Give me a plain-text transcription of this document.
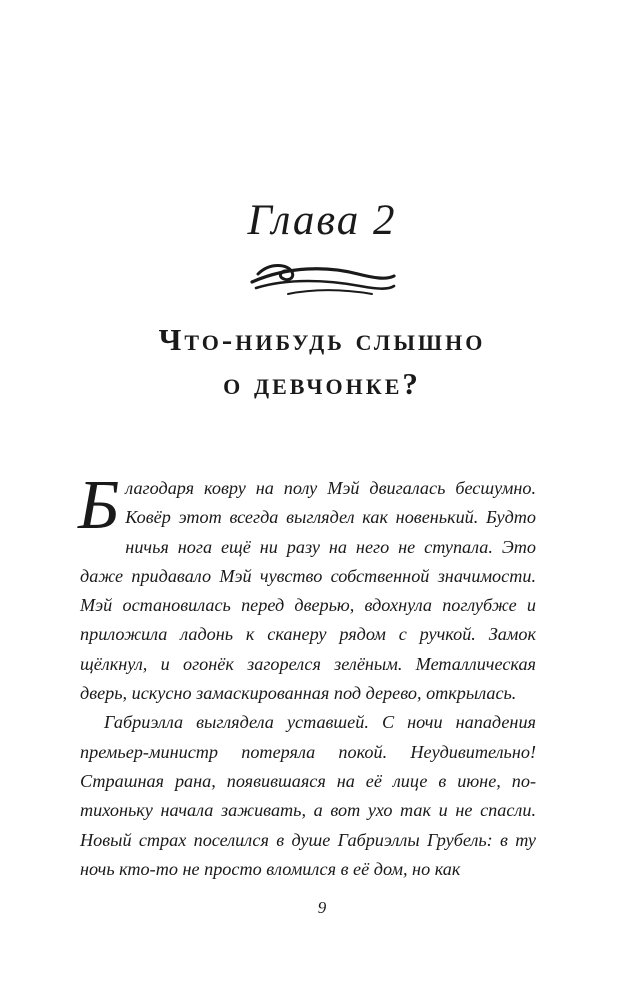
Глава 2
Что-нибудь слышно
о девчонке?

Благодаря ковру на полу Мэй двигалась бесшумно. Ковёр этот всегда выглядел как новенький. Будто ничья нога ещё ни разу на него не ступала. Это даже придавало Мэй чувство собственной значимости. Мэй остановилась перед дверью, вдохнула поглубже и приложила ладонь к сканеру рядом с ручкой. Замок щёлкнул, и огонёк загорелся зелёным. Металлическая дверь, искусно замаскированная под дерево, открылась.

Габриэлла выглядела уставшей. С ночи нападения премьер-министр потеряла покой. Неудивительно! Страшная рана, появившаяся на её лице в июне, потихоньку начала заживать, а вот ухо так и не спасли. Новый страх поселился в душе Габриэллы Грубель: в ту ночь кто-то не просто вломился в её дом, но как

9
